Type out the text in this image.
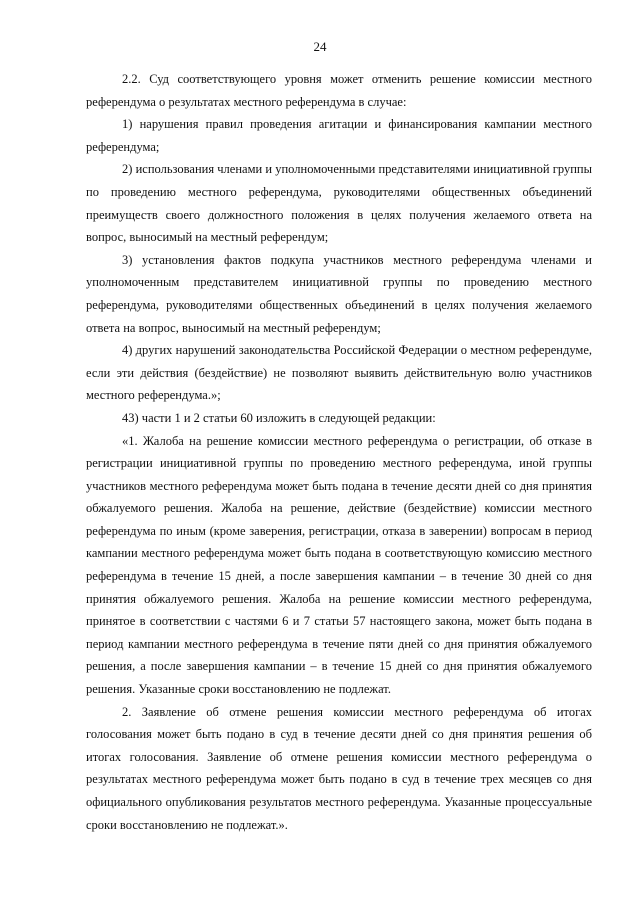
24

2.2. Суд соответствующего уровня может отменить решение комиссии местного референдума о результатах местного референдума в случае:

1) нарушения правил проведения агитации и финансирования кампании местного референдума;

2) использования членами и уполномоченными представителями инициативной группы по проведению местного референдума, руководителями общественных объединений преимуществ своего должностного положения в целях получения желаемого ответа на вопрос, выносимый на местный референдум;

3) установления фактов подкупа участников местного референдума членами и уполномоченным представителем инициативной группы по проведению местного референдума, руководителями общественных объединений в целях получения желаемого ответа на вопрос, выносимый на местный референдум;

4) других нарушений законодательства Российской Федерации о местном референдуме, если эти действия (бездействие) не позволяют выявить действительную волю участников местного референдума.»;

43) части 1 и 2 статьи 60 изложить в следующей редакции:

«1. Жалоба на решение комиссии местного референдума о регистрации, об отказе в регистрации инициативной группы по проведению местного референдума, иной группы участников местного референдума может быть подана в течение десяти дней со дня принятия обжалуемого решения. Жалоба на решение, действие (бездействие) комиссии местного референдума по иным (кроме заверения, регистрации, отказа в заверении) вопросам в период кампании местного референдума может быть подана в соответствующую комиссию местного референдума в течение 15 дней, а после завершения кампании – в течение 30 дней со дня принятия обжалуемого решения. Жалоба на решение комиссии местного референдума, принятое в соответствии с частями 6 и 7 статьи 57 настоящего закона, может быть подана в период кампании местного референдума в течение пяти дней со дня принятия обжалуемого решения, а после завершения кампании – в течение 15 дней со дня принятия обжалуемого решения. Указанные сроки восстановлению не подлежат.

2. Заявление об отмене решения комиссии местного референдума об итогах голосования может быть подано в суд в течение десяти дней со дня принятия решения об итогах голосования. Заявление об отмене решения комиссии местного референдума о результатах местного референдума может быть подано в суд в течение трех месяцев со дня официального опубликования результатов местного референдума. Указанные процессуальные сроки восстановлению не подлежат.».
